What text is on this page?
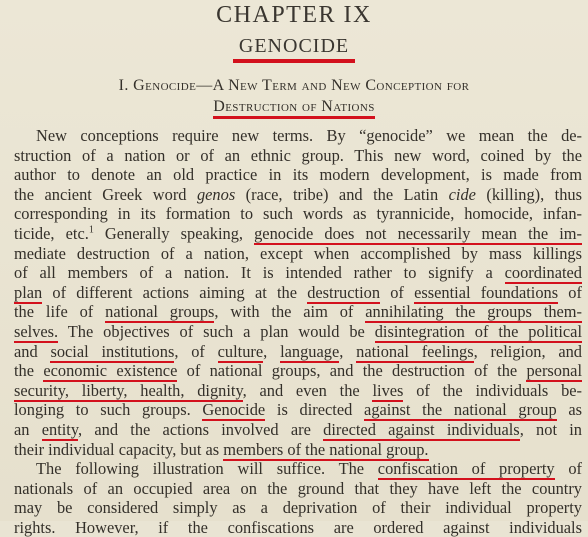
CHAPTER IX
GENOCIDE
I. Genocide—A New Term and New Conception for
Destruction of Nations
New conceptions require new terms. By “genocide” we mean the de-
struction of a nation or of an ethnic group. This new word, coined by the
author to denote an old practice in its modern development, is made from
the ancient Greek word genos (race, tribe) and the Latin cide (killing), thus
corresponding in its formation to such words as tyrannicide, homocide, infan-
ticide, etc.$^1$ Generally speaking, genocide does not necessarily mean the im-
mediate destruction of a nation, except when accomplished by mass killings
of all members of a nation. It is intended rather to signify a coordinated
plan of different actions aiming at the destruction of essential foundations of
the life of national groups, with the aim of annihilating the groups them-
selves. The objectives of such a plan would be disintegration of the political
and social institutions, of culture, language, national feelings, religion, and
the economic existence of national groups, and the destruction of the personal
security, liberty, health, dignity, and even the lives of the individuals be-
longing to such groups. Genocide is directed against the national group as
an entity, and the actions involved are directed against individuals, not in
their individual capacity, but as members of the national group.
The following illustration will suffice. The confiscation of property of
nationals of an occupied area on the ground that they have left the country
may be considered simply as a deprivation of their individual property
rights. However, if the confiscations are ordered against individuals
